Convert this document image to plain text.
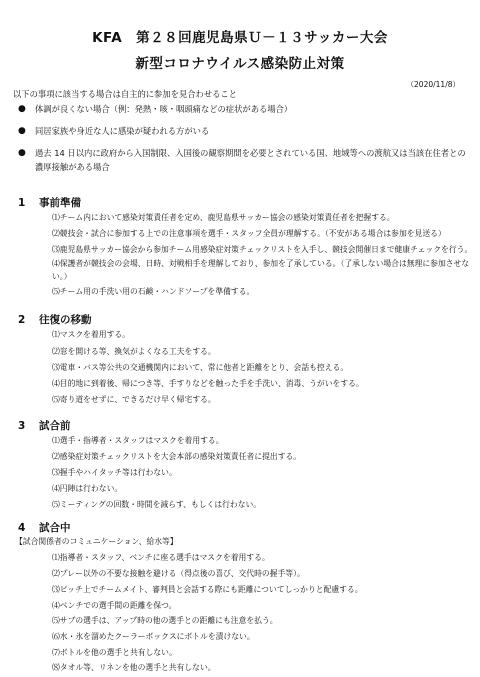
KFA　第２８回鹿児島県Ｕ－１３サッカー大会
新型コロナウイルス感染防止対策
（2020/11/8）
以下の事項に該当する場合は自主的に参加を見合わせること
● 体調が良くない場合（例：発熱・咳・咽頭痛などの症状がある場合）
● 同居家族や身近な人に感染が疑われる方がいる
● 過去 14 日以内に政府から入国制限、入国後の観察期間を必要とされている国、地域等への渡航又は当該在住者との濃厚接触がある場合
1 事前準備
⑴チーム内において感染対策責任者を定め、鹿児島県サッカー協会の感染対策責任者を把握する。
⑵競技会・試合に参加する上での注意事項を選手・スタッフ全員が理解する。（不安がある場合は参加を見送る）
⑶鹿児島県サッカー協会から参加チーム用感染症対策チェックリストを入手し、競技会開催日まで健康チェックを行う。
⑷保護者が競技会の会場、日時、対戦相手を理解しており、参加を了承している。（了承しない場合は無理に参加させない。）
⑸チーム用の手洗い用の石鹸・ハンドソープを準備する。
2 往復の移動
⑴マスクを着用する。
⑵窓を開ける等、換気がよくなる工夫をする。
⑶電車・バス等公共の交通機関内において、常に他者と距離をとり、会話も控える。
⑷目的地に到着後、帰につき等、手すりなどを触った手を手洗い、消毒、うがいをする。
⑸寄り道をせずに、できるだけ早く帰宅する。
3 試合前
⑴選手・指導者・スタッフはマスクを着用する。
⑵感染症対策チェックリストを大会本部の感染対策責任者に提出する。
⑶握手やハイタッチ等は行わない。
⑷円陣は行わない。
⑸ミーティングの回数・時間を減らす、もしくは行わない。
4 試合中
【試合関係者のコミュニケーション、給水等】
⑴指導者・スタッフ、ベンチに座る選手はマスクを着用する。
⑵プレー以外の不要な接触を避ける（得点後の喜び、交代時の握手等）。
⑶ピッチ上でチームメイト、審判員と会話する際にも距離についてしっかりと配慮する。
⑷ベンチでの選手間の距離を保つ。
⑸サブの選手は、アップ時の他の選手との距離にも注意を払う。
⑹水・氷を溜めたクーラーボックスにボトルを漬けない。
⑺ボトルを他の選手と共有しない。
⑻タオル等、リネンを他の選手と共有しない。
